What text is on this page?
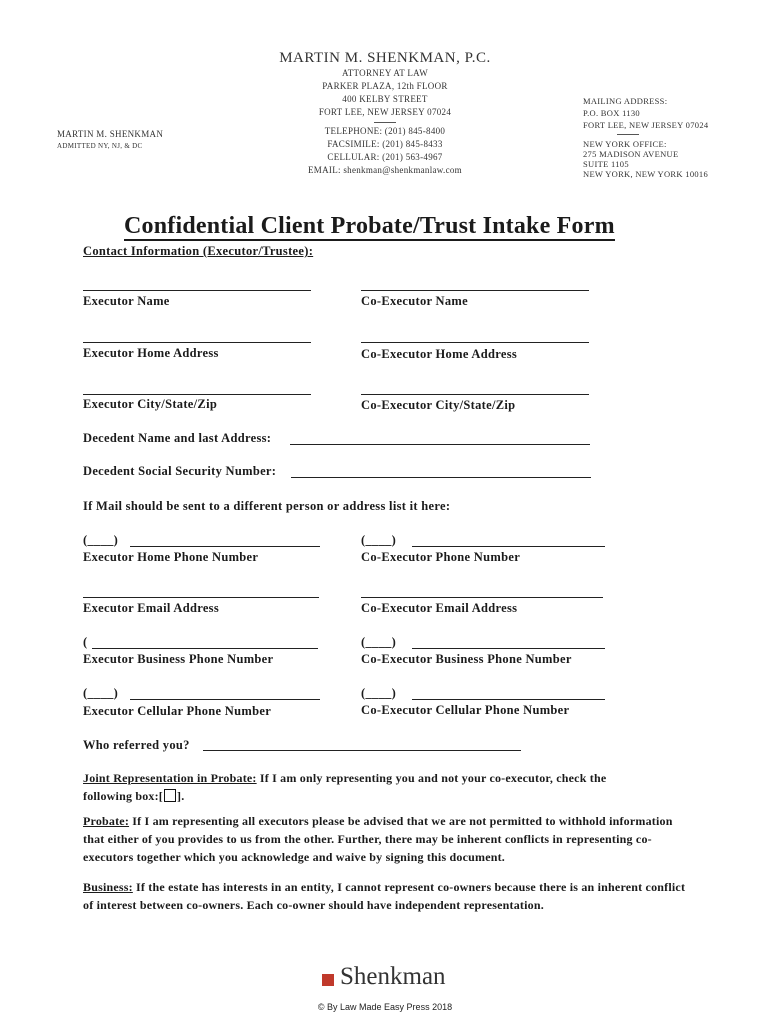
MARTIN M. SHENKMAN, P.C.
ATTORNEY AT LAW
PARKER PLAZA, 12th FLOOR
400 KELBY STREET
FORT LEE, NEW JERSEY 07024
TELEPHONE: (201) 845-8400
FACSIMILE: (201) 845-8433
CELLULAR: (201) 563-4967
EMAIL: shenkman@shenkmanlaw.com
MARTIN M. SHENKMAN
ADMITTED NY, NJ, & DC
MAILING ADDRESS:
P.O. BOX 1130
FORT LEE, NEW JERSEY 07024
NEW YORK OFFICE:
275 MADISON AVENUE
SUITE 1105
NEW YORK, NEW YORK 10016
Confidential Client Probate/Trust Intake Form
Contact Information (Executor/Trustee):
Executor Name	Co-Executor Name
Executor Home Address	Co-Executor Home Address
Executor City/State/Zip	Co-Executor City/State/Zip
Decedent Name and last Address:
Decedent Social Security Number:
If Mail should be sent to a different person or address list it here:
(____)	(____)
Executor Home Phone Number	Co-Executor Phone Number
Executor Email Address	Co-Executor Email Address
(	(____)
Executor Business Phone Number	Co-Executor Business Phone Number
(____)	(____)
Executor Cellular Phone Number	Co-Executor Cellular Phone Number
Who referred you?
Joint Representation in Probate: If I am only representing you and not your co-executor, check the
following box:[ ].
Probate: If I am representing all executors please be advised that we are not permitted to withhold information that either of you provides to us from the other. Further, there may be inherent conflicts in representing co-executors together which you acknowledge and waive by signing this document.
Business: If the estate has interests in an entity, I cannot represent co-owners because there is an inherent conflict of interest between co-owners. Each co-owner should have independent representation.
Shenkman
© By Law Made Easy Press 2018
